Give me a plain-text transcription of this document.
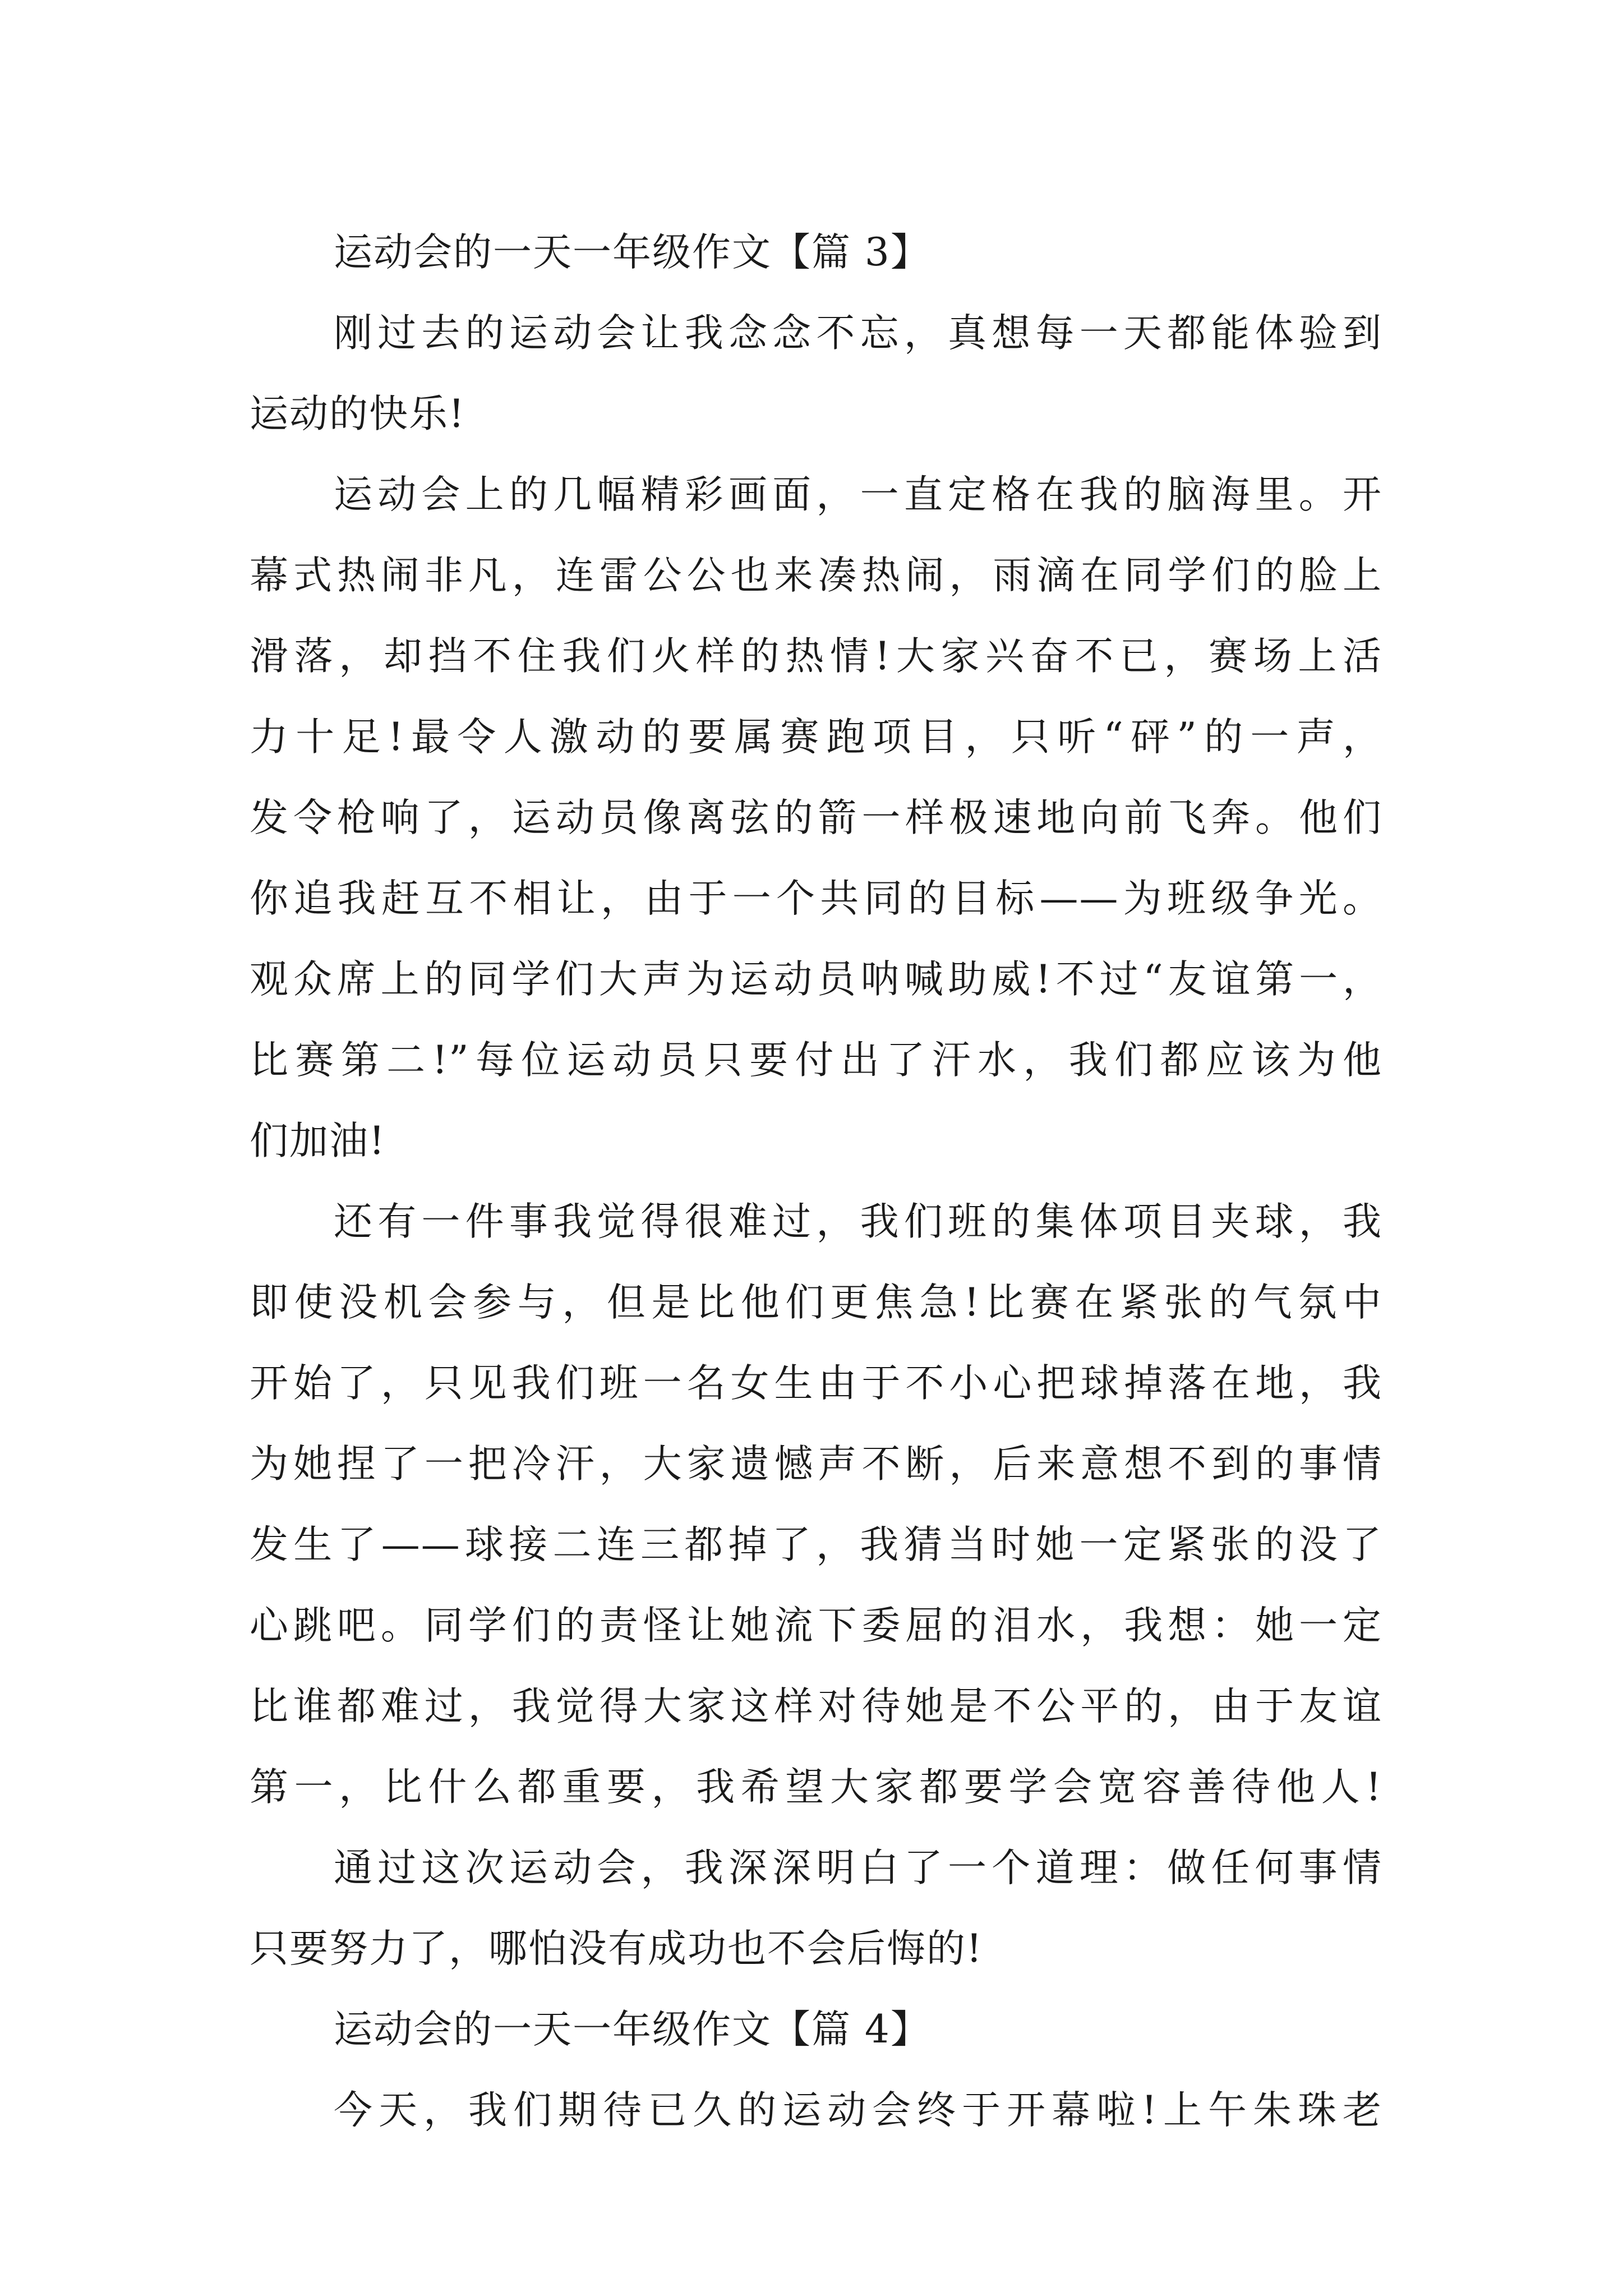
运动会的一天一年级作文【篇 3】
刚过去的运动会让我念念不忘，真想每一天都能体验到
运动的快乐!
运动会上的几幅精彩画面，一直定格在我的脑海里。开
幕式热闹非凡，连雷公公也来凑热闹，雨滴在同学们的脸上
滑落，却挡不住我们火样的热情!大家兴奋不已，赛场上活
力十足!最令人激动的要属赛跑项目，只听“砰”的一声，
发令枪响了，运动员像离弦的箭一样极速地向前飞奔。他们
你追我赶互不相让，由于一个共同的目标——为班级争光。
观众席上的同学们大声为运动员呐喊助威!不过“友谊第一，
比赛第二!”每位运动员只要付出了汗水，我们都应该为他
们加油!
还有一件事我觉得很难过，我们班的集体项目夹球，我
即使没机会参与，但是比他们更焦急!比赛在紧张的气氛中
开始了，只见我们班一名女生由于不小心把球掉落在地，我
为她捏了一把冷汗，大家遗憾声不断，后来意想不到的事情
发生了——球接二连三都掉了，我猜当时她一定紧张的没了
心跳吧。同学们的责怪让她流下委屈的泪水，我想：她一定
比谁都难过，我觉得大家这样对待她是不公平的，由于友谊
第一，比什么都重要，我希望大家都要学会宽容善待他人!
通过这次运动会，我深深明白了一个道理：做任何事情
只要努力了，哪怕没有成功也不会后悔的!
运动会的一天一年级作文【篇 4】
今天，我们期待已久的运动会终于开幕啦!上午朱珠老
